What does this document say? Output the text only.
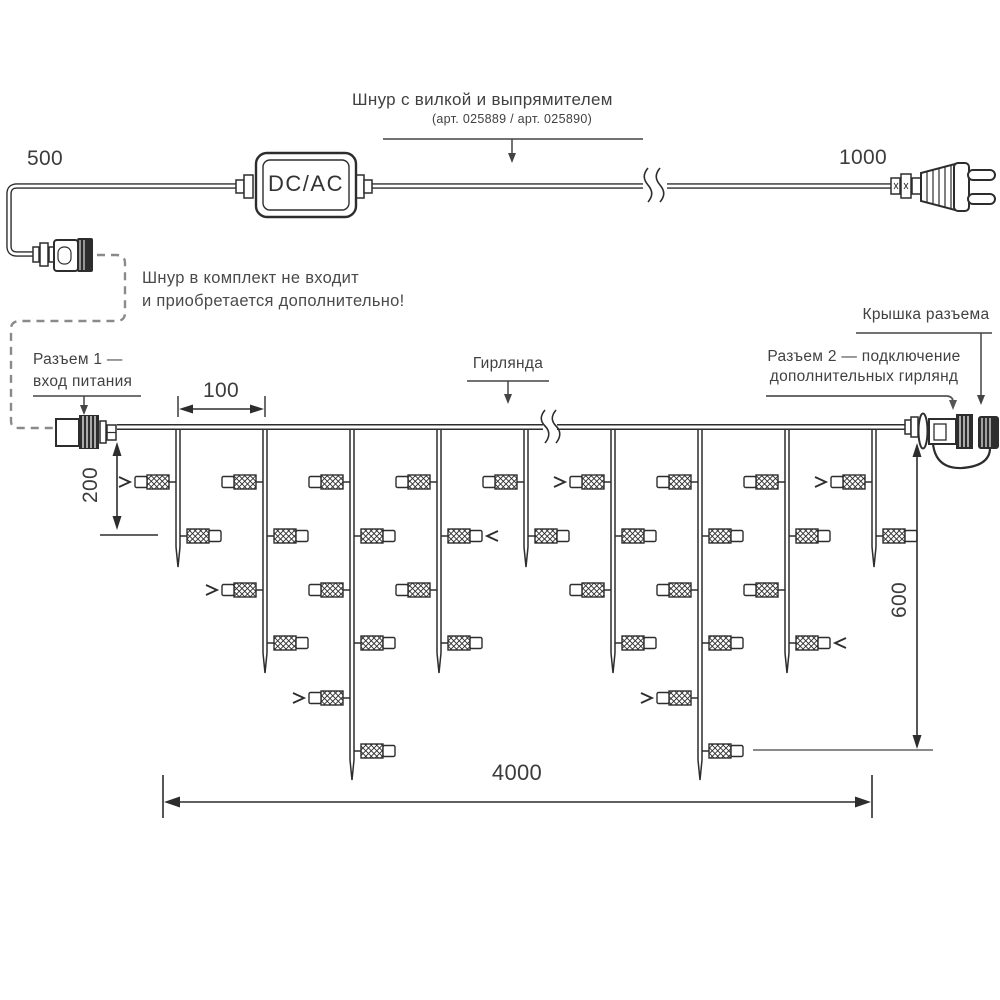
Шнур с вилкой и выпрямителем
(арт. 025889 / арт. 025890)
500	1000
Шнур в комплект не входит
и приобретается дополнительно!
DC/AC
Разъем 1 —
вход питания
Гирлянда	Разъем 2 — подключение
дополнительных гирлянд
Крышка разъема
100
200
600
4000
